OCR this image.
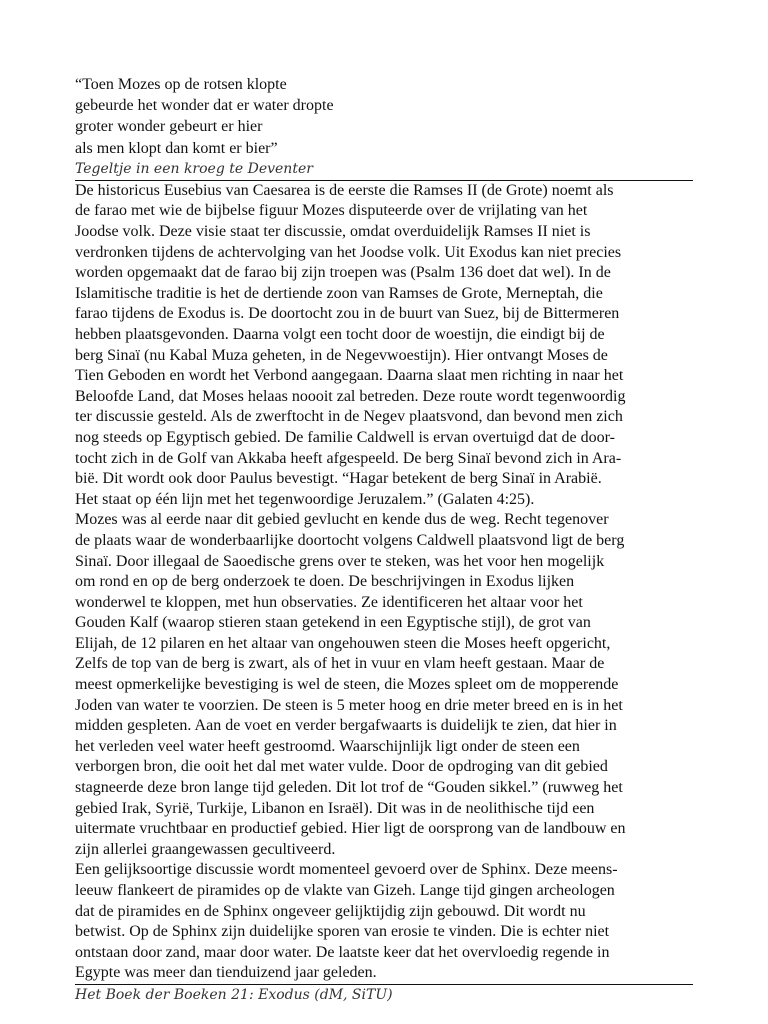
“Toen Mozes op de rotsen klopte
gebeurde het wonder dat er water dropte
groter wonder gebeurt er hier
als men klopt dan komt er bier”
Tegeltje in een kroeg te Deventer
De historicus Eusebius van Caesarea is de eerste die Ramses II (de Grote) noemt als
de farao met wie de bijbelse figuur Mozes disputeerde over de vrijlating van het
Joodse volk. Deze visie staat ter discussie, omdat overduidelijk Ramses II niet is
verdronken tijdens de achtervolging van het Joodse volk. Uit Exodus kan niet precies
worden opgemaakt dat de farao bij zijn troepen was (Psalm 136 doet dat wel). In de
Islamitische traditie is het de dertiende zoon van Ramses de Grote, Merneptah, die
farao tijdens de Exodus is. De doortocht zou in de buurt van Suez, bij de Bittermeren
hebben plaatsgevonden. Daarna volgt een tocht door de woestijn, die eindigt bij de
berg Sinaï (nu Kabal Muza geheten, in de Negevwoestijn). Hier ontvangt Moses de
Tien Geboden en wordt het Verbond aangegaan. Daarna slaat men richting in naar het
Beloofde Land, dat Moses helaas noooit zal betreden. Deze route wordt tegenwoordig
ter discussie gesteld. Als de zwerftocht in de Negev plaatsvond, dan bevond men zich
nog steeds op Egyptisch gebied. De familie Caldwell is ervan overtuigd dat de door-
tocht zich in de Golf van Akkaba heeft afgespeeld. De berg Sinaï bevond zich in Ara-
bië. Dit wordt ook door Paulus bevestigt. “Hagar betekent de berg Sinaï in Arabië.
Het staat op één lijn met het tegenwoordige Jeruzalem.” (Galaten 4:25).
Mozes was al eerde naar dit gebied gevlucht en kende dus de weg. Recht tegenover
de plaats waar de wonderbaarlijke doortocht volgens Caldwell plaatsvond ligt de berg
Sinaï. Door illegaal de Saoedische grens over te steken, was het voor hen mogelijk
om rond en op de berg onderzoek te doen. De beschrijvingen in Exodus lijken
wonderwel te kloppen, met hun observaties. Ze identificeren het altaar voor het
Gouden Kalf (waarop stieren staan getekend in een Egyptische stijl), de grot van
Elijah, de 12 pilaren en het altaar van ongehouwen steen die Moses heeft opgericht,
Zelfs de top van de berg is zwart, als of het in vuur en vlam heeft gestaan. Maar de
meest opmerkelijke bevestiging is wel de steen, die Mozes spleet om de mopperende
Joden van water te voorzien. De steen is 5 meter hoog en drie meter breed en is in het
midden gespleten. Aan de voet en verder bergafwaarts is duidelijk te zien, dat hier in
het verleden veel water heeft gestroomd. Waarschijnlijk ligt onder de steen een
verborgen bron, die ooit het dal met water vulde. Door de opdroging van dit gebied
stagneerde deze bron lange tijd geleden. Dit lot trof de “Gouden sikkel.” (ruwweg het
gebied Irak, Syrië, Turkije, Libanon en Israël). Dit was in de neolithische tijd een
uitermate vruchtbaar en productief gebied. Hier ligt de oorsprong van de landbouw en
zijn allerlei graangewassen gecultiveerd.
Een gelijksoortige discussie wordt momenteel gevoerd over de Sphinx. Deze meens-
leeuw flankeert de piramides op de vlakte van Gizeh. Lange tijd gingen archeologen
dat de piramides en de Sphinx ongeveer gelijktijdig zijn gebouwd. Dit wordt nu
betwist. Op de Sphinx zijn duidelijke sporen van erosie te vinden. Die is echter niet
ontstaan door zand, maar door water. De laatste keer dat het overvloedig regende in
Egypte was meer dan tienduizend jaar geleden.
Het Boek der Boeken 21: Exodus (dM, SiTU)
